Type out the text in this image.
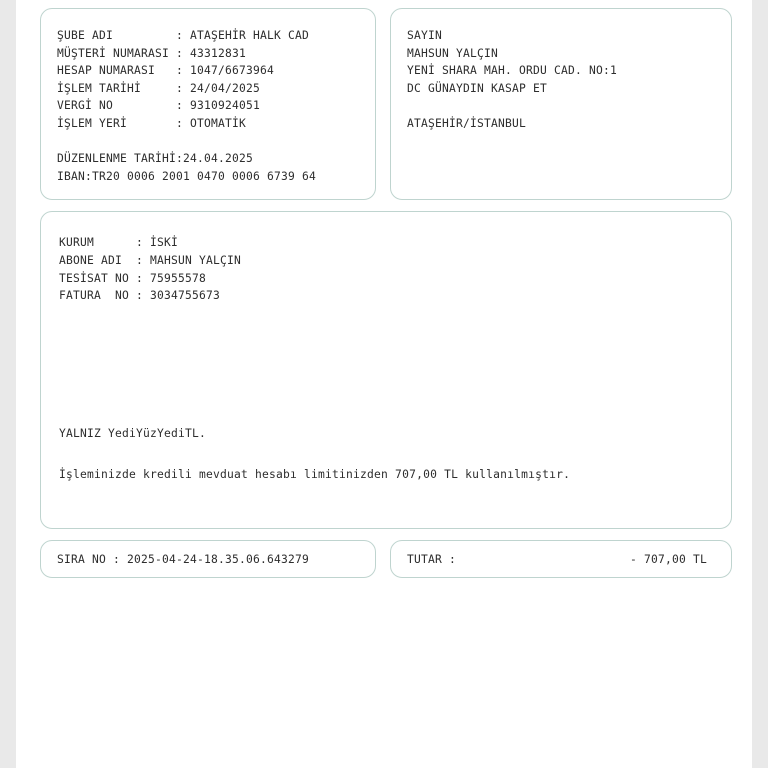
ŞUBE ADI         : ATAŞEHİR HALK CAD
MÜŞTERİ NUMARASI : 43312831
HESAP NUMARASI   : 1047/6673964
İŞLEM TARİHİ     : 24/04/2025
VERGİ NO         : 9310924051
İŞLEM YERİ       : OTOMATİK
DÜZENLENME TARİHİ:24.04.2025
IBAN:TR20 0006 2001 0470 0006 6739 64
SAYIN
MAHSUN YALÇIN
YENİ SHARA MAH. ORDU CAD. NO:1
DC GÜNAYDIN KASAP ET
ATAŞEHİR/İSTANBUL
KURUM      : İSKİ
ABONE ADI  : MAHSUN YALÇIN
TESİSAT NO : 75955578
FATURA  NO : 3034755673
YALNIZ YediYüzYediTL.
İşleminizde kredili mevduat hesabı limitinizden 707,00 TL kullanılmıştır.
SIRA NO : 2025-04-24-18.35.06.643279	TUTAR :	- 707,00 TL
